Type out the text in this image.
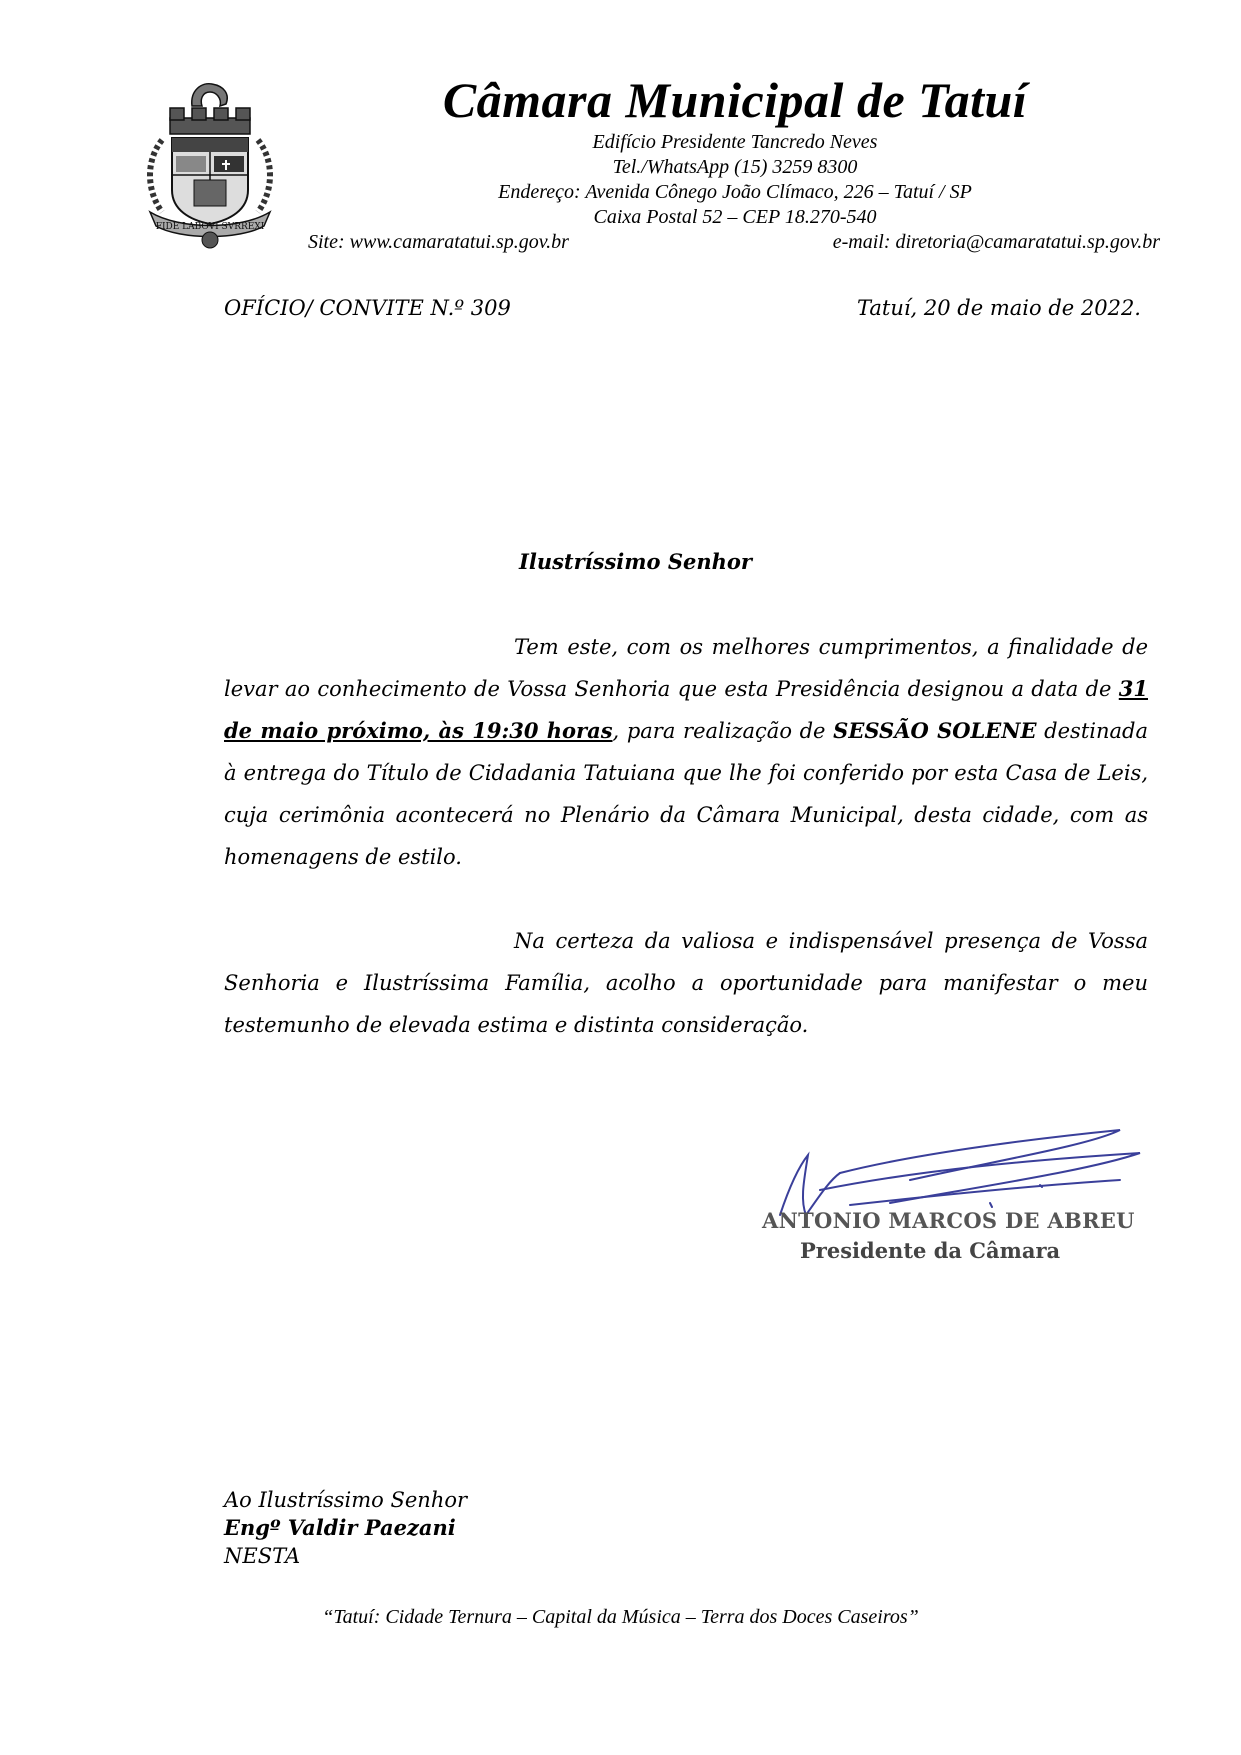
FIDE LABOVI SVRREXI
Câmara Municipal de Tatuí
Edifício Presidente Tancredo Neves
Tel./WhatsApp (15) 3259 8300
Endereço: Avenida Cônego João Clímaco, 226 – Tatuí / SP
Caixa Postal 52 – CEP 18.270-540
Site: www.camaratatui.sp.gov.br	e-mail: diretoria@camaratatui.sp.gov.br
OFÍCIO/ CONVITE N.º 309	Tatuí, 20 de maio de 2022.
Ilustríssimo Senhor

Tem este, com os melhores cumprimentos, a finalidade de levar ao conhecimento de Vossa Senhoria que esta Presidência designou a data de 31 de maio próximo, às 19:30 horas, para realização de SESSÃO SOLENE destinada à entrega do Título de Cidadania Tatuiana que lhe foi conferido por esta Casa de Leis, cuja cerimônia acontecerá no Plenário da Câmara Municipal, desta cidade, com as homenagens de estilo.

Na certeza da valiosa e indispensável presença de Vossa Senhoria e Ilustríssima Família, acolho a oportunidade para manifestar o meu testemunho de elevada estima e distinta consideração.

ANTONIO MARCOS DE ABREU
Presidente da Câmara
Ao Ilustríssimo Senhor
Engº Valdir Paezani
NESTA
“Tatuí: Cidade Ternura – Capital da Música – Terra dos Doces Caseiros”
